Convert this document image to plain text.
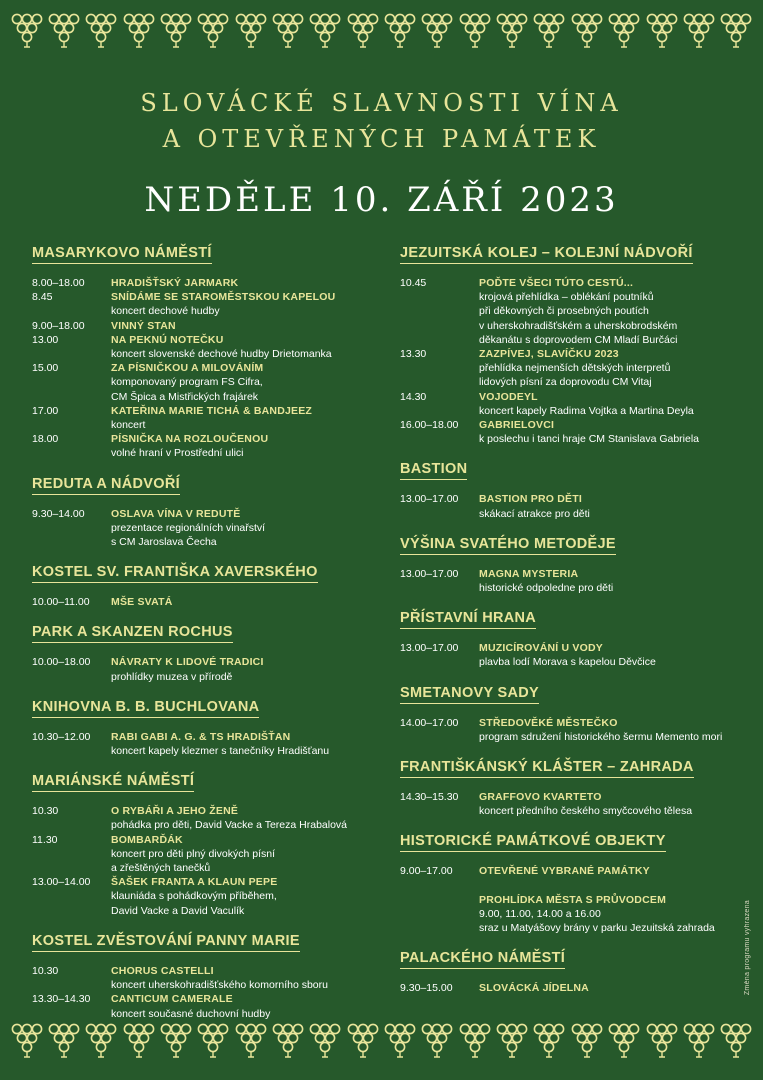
SLOVÁCKÉ SLAVNOSTI VÍNA
A OTEVŘENÝCH PAMÁTEK
NEDĚLE 10. ZÁŘÍ 2023
MASARYKOVO NÁMĚSTÍ
8.00–18.00	HRADIŠŤSKÝ JARMARK
8.45	SNÍDÁME SE STAROMĚSTSKOU KAPELOU
koncert dechové hudby
9.00–18.00	VINNÝ STAN
13.00	NA PEKNÚ NOTEČKU
koncert slovenské dechové hudby Drietomanka
15.00	ZA PÍSNIČKOU A MILOVÁNÍM
komponovaný program FS Cifra,
CM Špica a Mistřických frajárek
17.00	KATEŘINA MARIE TICHÁ & BANDJEEZ
koncert
18.00	PÍSNIČKA NA ROZLOUČENOU
volné hraní v Prostřední ulici
REDUTA A NÁDVOŘÍ
9.30–14.00	OSLAVA VÍNA V REDUTĚ
prezentace regionálních vinařství
s CM Jaroslava Čecha
KOSTEL SV. FRANTIŠKA XAVERSKÉHO
10.00–11.00	MŠE SVATÁ
PARK A SKANZEN ROCHUS
10.00–18.00	NÁVRATY K LIDOVÉ TRADICI
prohlídky muzea v přírodě
KNIHOVNA B. B. BUCHLOVANA
10.30–12.00	RABI GABI A. G. & TS HRADIŠŤAN
koncert kapely klezmer s tanečníky Hradišťanu
MARIÁNSKÉ NÁMĚSTÍ
10.30	O RYBÁŘI A JEHO ŽENĚ
pohádka pro děti, David Vacke a Tereza Hrabalová
11.30	BOMBARĎÁK
koncert pro děti plný divokých písní
a zřeštěných tanečků
13.00–14.00	ŠAŠEK FRANTA A KLAUN PEPE
klauniáda s pohádkovým příběhem,
David Vacke a David Vaculík
KOSTEL ZVĚSTOVÁNÍ PANNY MARIE
10.30	CHORUS CASTELLI
koncert uherskohradišťského komorního sboru
13.30–14.30	CANTICUM CAMERALE
koncert současné duchovní hudby
JEZUITSKÁ KOLEJ – KOLEJNÍ NÁDVOŘÍ
10.45	POĎTE VŠECI TÚTO CESTÚ...
krojová přehlídka – oblékání poutníků
při děkovných či prosebných poutích
v uherskohradišťském a uherskobrodském
děkanátu s doprovodem CM Mladí Burčáci
13.30	ZAZPÍVEJ, SLAVÍČKU 2023
přehlídka nejmenších dětských interpretů
lidových písní za doprovodu CM Vitaj
14.30	VOJODEYL
koncert kapely Radima Vojtka a Martina Deyla
16.00–18.00	GABRIELOVCI
k poslechu i tanci hraje CM Stanislava Gabriela
BASTION
13.00–17.00	BASTION PRO DĚTI
skákací atrakce pro děti
VÝŠINA SVATÉHO METODĚJE
13.00–17.00	MAGNA MYSTERIA
historické odpoledne pro děti
PŘÍSTAVNÍ HRANA
13.00–17.00	MUZICÍROVÁNÍ U VODY
plavba lodí Morava s kapelou Děvčice
SMETANOVY SADY
14.00–17.00	STŘEDOVĚKÉ MĚSTEČKO
program sdružení historického šermu Memento mori
FRANTIŠKÁNSKÝ KLÁŠTER – ZAHRADA
14.30–15.30	GRAFFOVO KVARTETO
koncert předního českého smyčcového tělesa
HISTORICKÉ PAMÁTKOVÉ OBJEKTY
9.00–17.00	OTEVŘENÉ VYBRANÉ PAMÁTKY
PROHLÍDKA MĚSTA S PRŮVODCEM
9.00, 11.00, 14.00 a 16.00
sraz u Matyášovy brány v parku Jezuitská zahrada
PALACKÉHO NÁMĚSTÍ
9.30–15.00	SLOVÁCKÁ JÍDELNA	Změna programu vyhrazena
